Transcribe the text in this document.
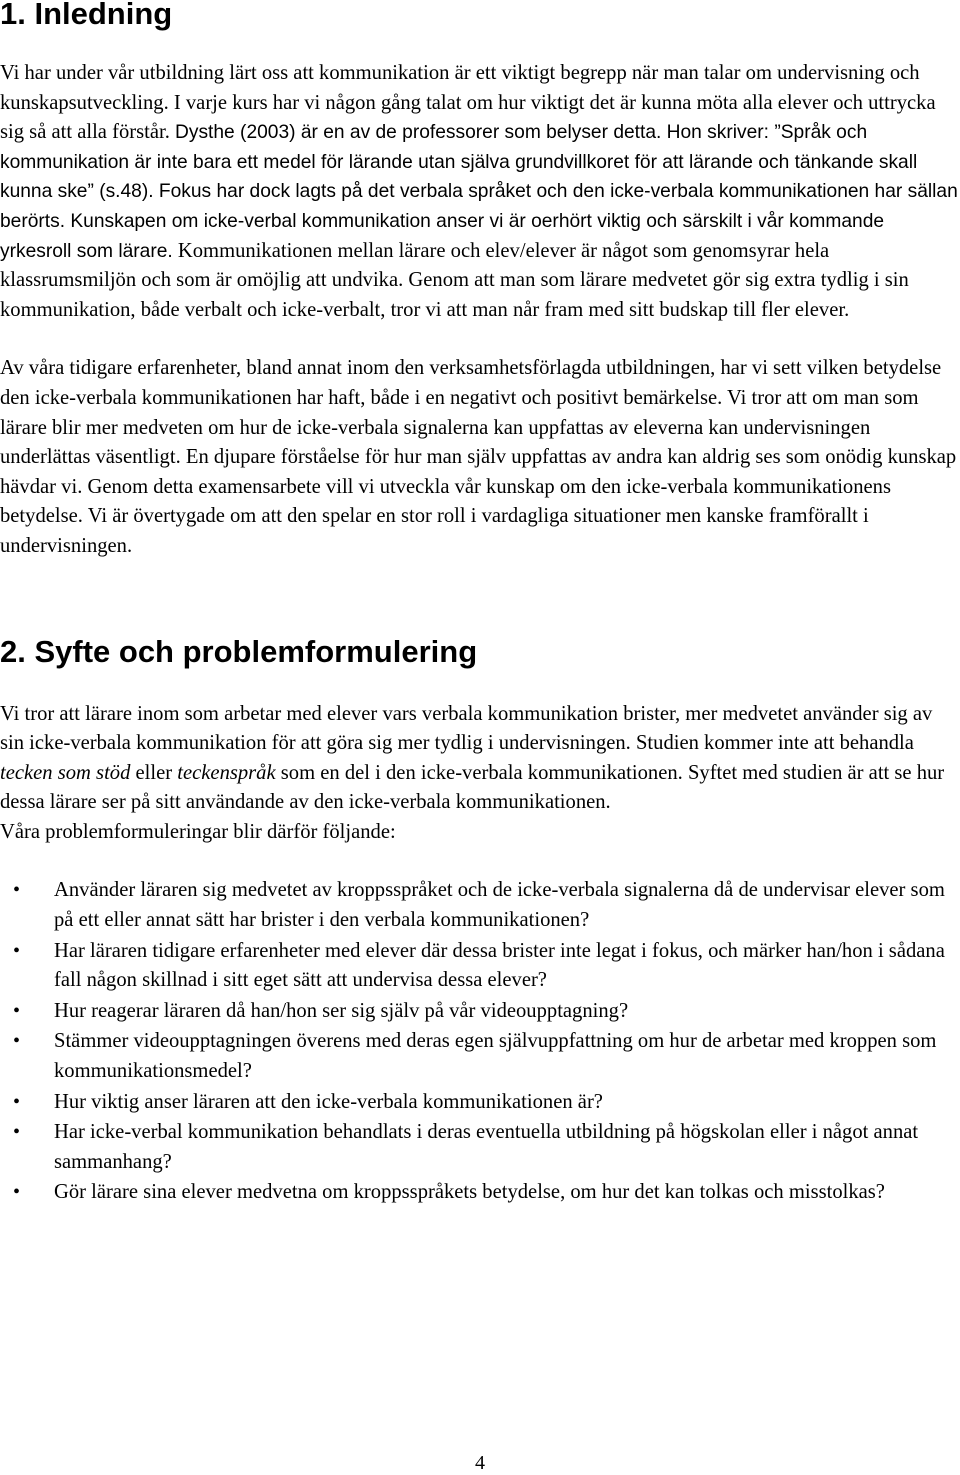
1. Inledning

Vi har under vår utbildning lärt oss att kommunikation är ett viktigt begrepp när man talar om undervisning och kunskapsutveckling. I varje kurs har vi någon gång talat om hur viktigt det är kunna möta alla elever och uttrycka sig så att alla förstår. Dysthe (2003) är en av de professorer som belyser detta. Hon skriver: ”Språk och kommunikation är inte bara ett medel för lärande utan själva grundvillkoret för att lärande och tänkande skall kunna ske” (s.48). Fokus har dock lagts på det verbala språket och den icke-verbala kommunikationen har sällan berörts. Kunskapen om icke-verbal kommunikation anser vi är oerhört viktig och särskilt i vår kommande yrkesroll som lärare. Kommunikationen mellan lärare och elev/elever är något som genomsyrar hela klassrumsmiljön och som är omöjlig att undvika. Genom att man som lärare medvetet gör sig extra tydlig i sin kommunikation, både verbalt och icke-verbalt, tror vi att man når fram med sitt budskap till fler elever.

Av våra tidigare erfarenheter, bland annat inom den verksamhetsförlagda utbildningen, har vi sett vilken betydelse den icke-verbala kommunikationen har haft, både i en negativt och positivt bemärkelse. Vi tror att om man som lärare blir mer medveten om hur de icke-verbala signalerna kan uppfattas av eleverna kan undervisningen underlättas väsentligt. En djupare förståelse för hur man själv uppfattas av andra kan aldrig ses som onödig kunskap hävdar vi. Genom detta examensarbete vill vi utveckla vår kunskap om den icke-verbala kommunikationens betydelse. Vi är övertygade om att den spelar en stor roll i vardagliga situationer men kanske framförallt i undervisningen.

2. Syfte och problemformulering

Vi tror att lärare inom som arbetar med elever vars verbala kommunikation brister, mer medvetet använder sig av sin icke-verbala kommunikation för att göra sig mer tydlig i undervisningen. Studien kommer inte att behandla tecken som stöd eller teckenspråk som en del i den icke-verbala kommunikationen. Syftet med studien är att se hur dessa lärare ser på sitt användande av den icke-verbala kommunikationen.

Våra problemformuleringar blir därför följande:

• Använder läraren sig medvetet av kroppsspråket och de icke-verbala signalerna då de undervisar elever som på ett eller annat sätt har brister i den verbala kommunikationen?
• Har läraren tidigare erfarenheter med elever där dessa brister inte legat i fokus, och märker han/hon i sådana fall någon skillnad i sitt eget sätt att undervisa dessa elever?
• Hur reagerar läraren då han/hon ser sig själv på vår videoupptagning?
• Stämmer videoupptagningen överens med deras egen självuppfattning om hur de arbetar med kroppen som kommunikationsmedel?
• Hur viktig anser läraren att den icke-verbala kommunikationen är?
• Har icke-verbal kommunikation behandlats i deras eventuella utbildning på högskolan eller i något annat sammanhang?
• Gör lärare sina elever medvetna om kroppsspråkets betydelse, om hur det kan tolkas och misstolkas?
4
